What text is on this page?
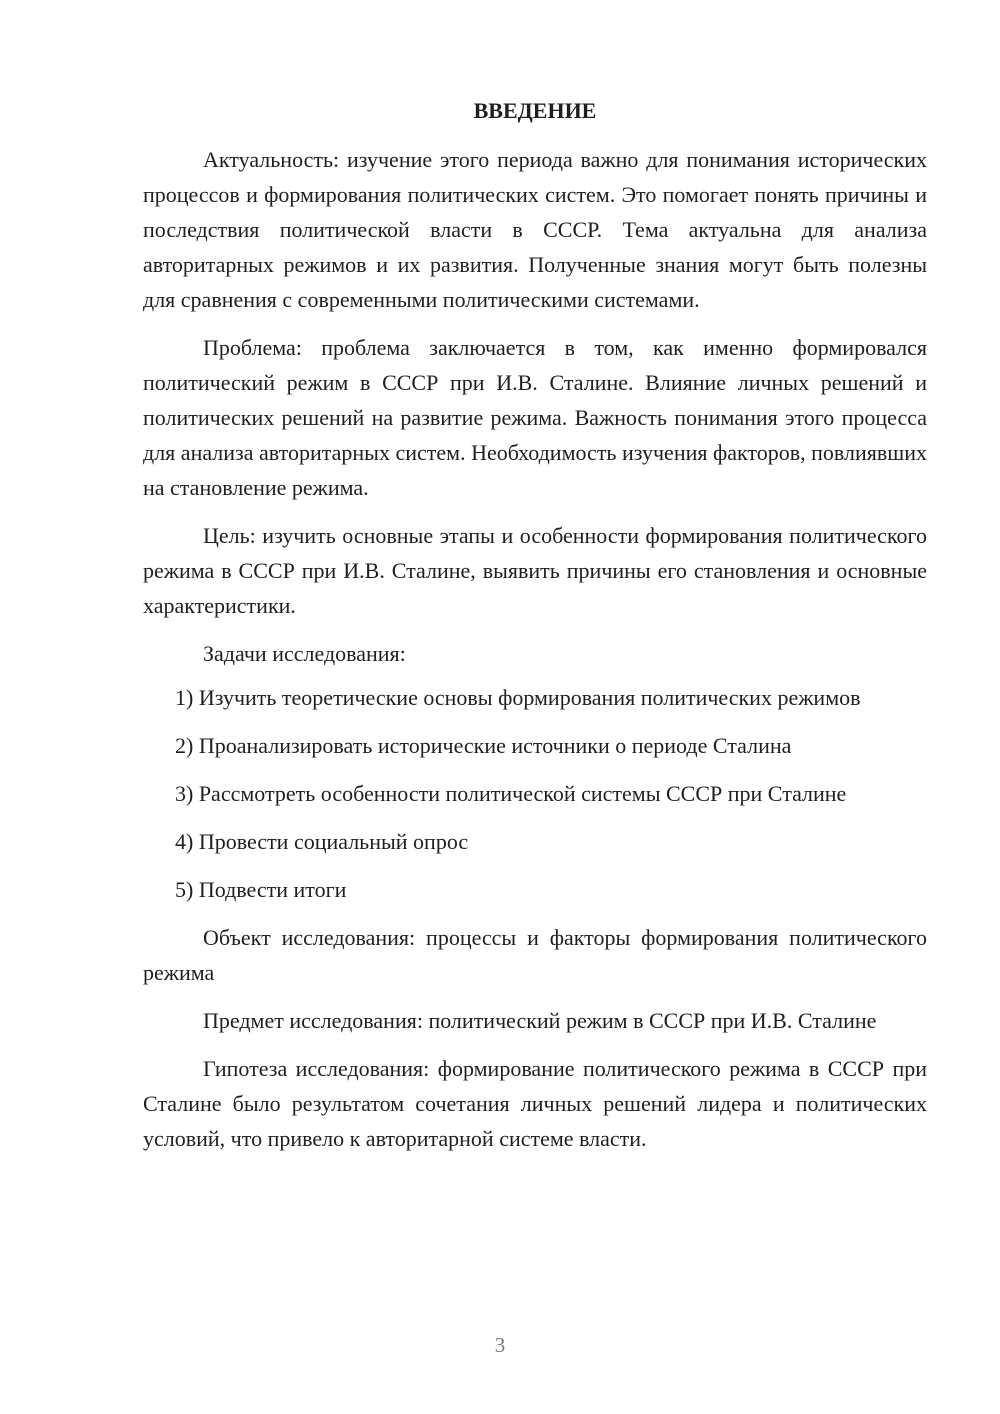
ВВЕДЕНИЕ

Актуальность: изучение этого периода важно для понимания исторических процессов и формирования политических систем. Это помогает понять причины и последствия политической власти в СССР. Тема актуальна для анализа авторитарных режимов и их развития. Полученные знания могут быть полезны для сравнения с современными политическими системами.

Проблема: проблема заключается в том, как именно формировался политический режим в СССР при И.В. Сталине. Влияние личных решений и политических решений на развитие режима. Важность понимания этого процесса для анализа авторитарных систем. Необходимость изучения факторов, повлиявших на становление режима.

Цель: изучить основные этапы и особенности формирования политического режима в СССР при И.В. Сталине, выявить причины его становления и основные характеристики.

Задачи исследования:

1) Изучить теоретические основы формирования политических режимов

2) Проанализировать исторические источники о периоде Сталина

3) Рассмотреть особенности политической системы СССР при Сталине

4) Провести социальный опрос

5) Подвести итоги

Объект исследования: процессы и факторы формирования политического режима

Предмет исследования: политический режим в СССР при И.В. Сталине

Гипотеза исследования: формирование политического режима в СССР при Сталине было результатом сочетания личных решений лидера и политических условий, что привело к авторитарной системе власти.

3
